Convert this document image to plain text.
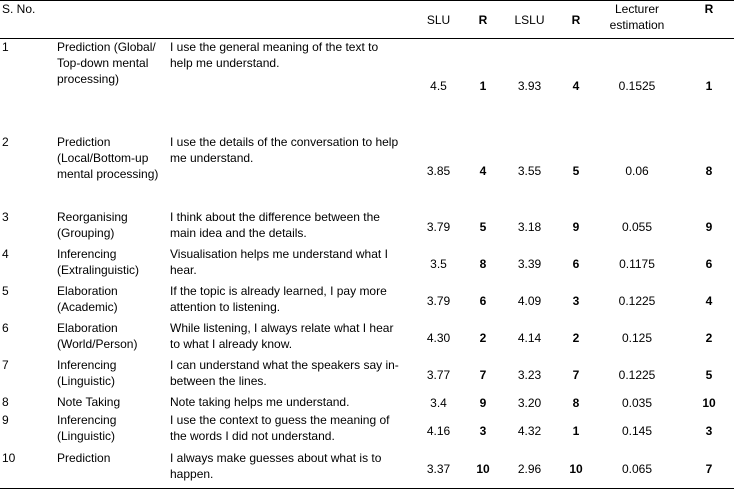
S. No.			SLU	R	LSLU	R	Lecturer estimation	R
1	Prediction (Global/ Top-down mental processing)	I use the general meaning of the text to help me understand.	4.5	1	3.93	4	0.1525	1
2	Prediction (Local/Bottom-up mental processing)	I use the details of the conversation to help me understand.	3.85	4	3.55	5	0.06	8
3	Reorganising (Grouping)	I think about the difference between the main idea and the details.	3.79	5	3.18	9	0.055	9
4	Inferencing (Extralinguistic)	Visualisation helps me understand what I hear.	3.5	8	3.39	6	0.1175	6
5	Elaboration (Academic)	If the topic is already learned, I pay more attention to listening.	3.79	6	4.09	3	0.1225	4
6	Elaboration (World/Person)	While listening, I always relate what I hear to what I already know.	4.30	2	4.14	2	0.125	2
7	Inferencing (Linguistic)	I can understand what the speakers say in-between the lines.	3.77	7	3.23	7	0.1225	5
8	Note Taking	Note taking helps me understand.	3.4	9	3.20	8	0.035	10
9	Inferencing (Linguistic)	I use the context to guess the meaning of the words I did not understand.	4.16	3	4.32	1	0.145	3
10	Prediction	I always make guesses about what is to happen.	3.37	10	2.96	10	0.065	7
